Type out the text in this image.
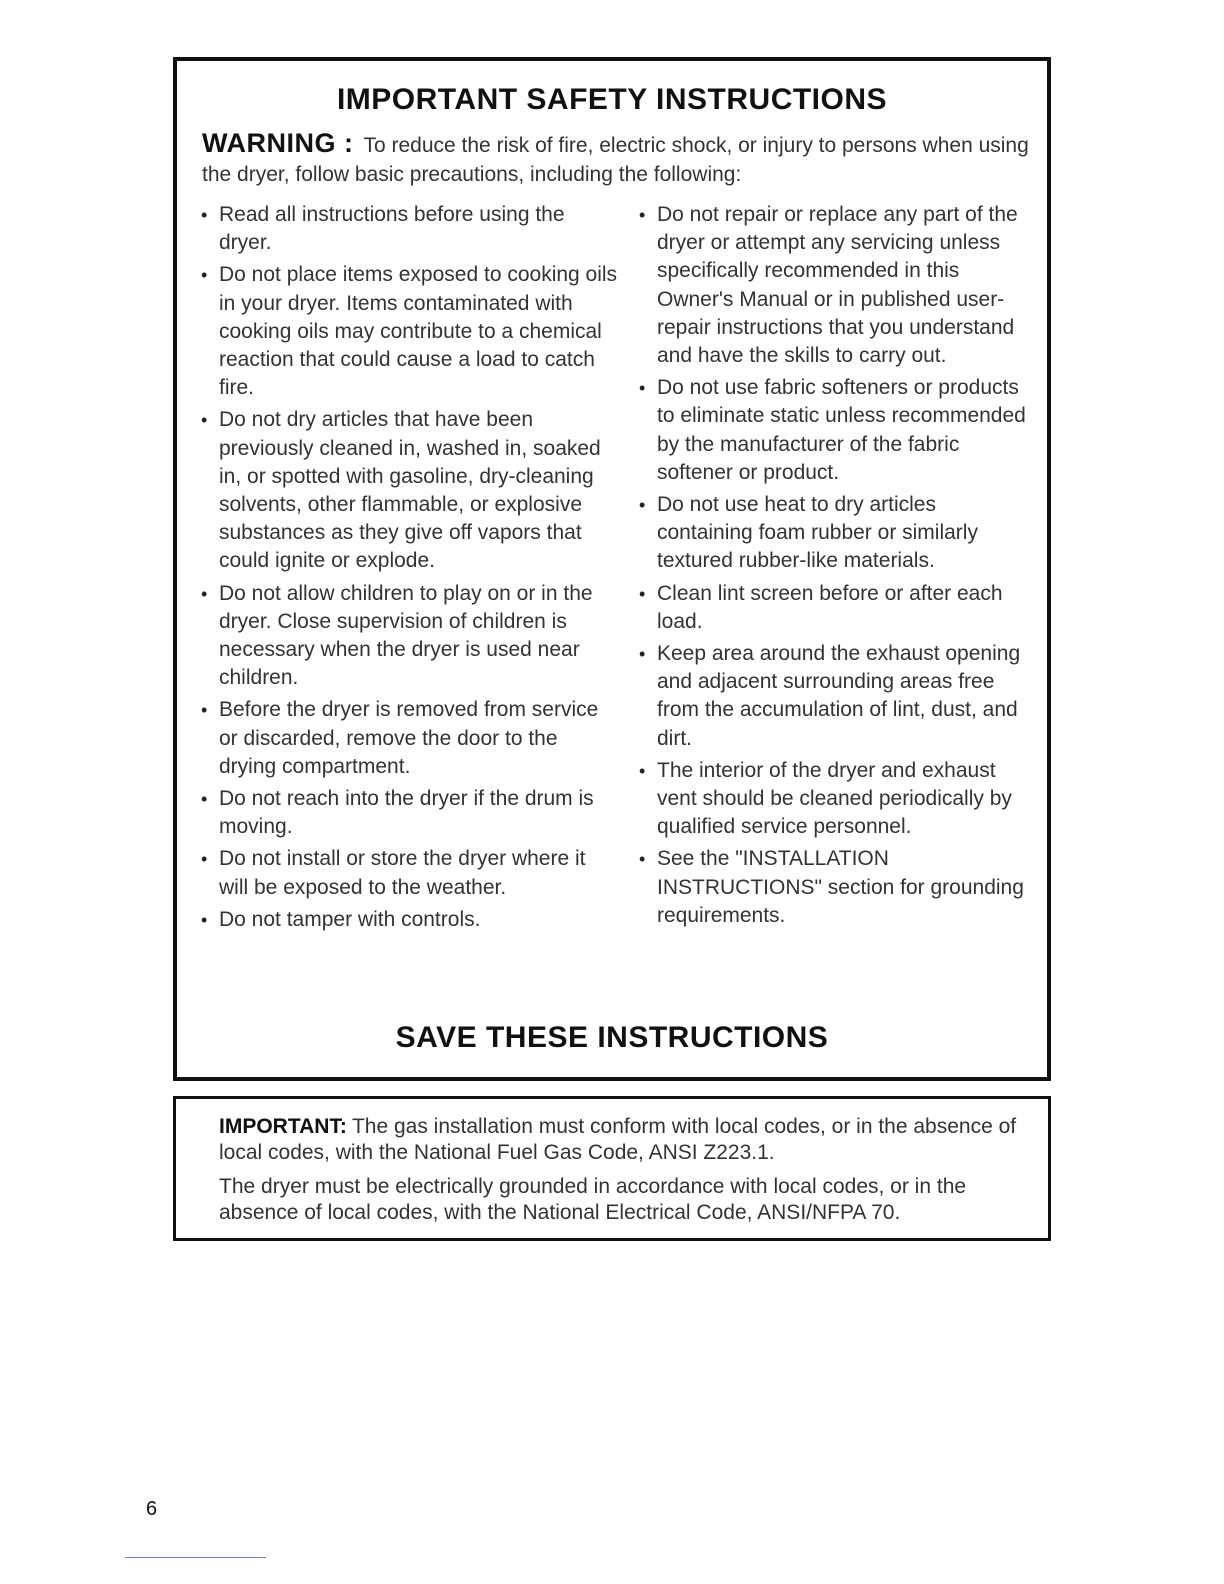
IMPORTANT SAFETY INSTRUCTIONS
WARNING : To reduce the risk of fire, electric shock, or injury to persons when using the dryer, follow basic precautions, including the following:
• Read all instructions before using the dryer.
• Do not place items exposed to cooking oils in your dryer. Items contaminated with cooking oils may contribute to a chemical reaction that could cause a load to catch fire.
• Do not dry articles that have been previously cleaned in, washed in, soaked in, or spotted with gasoline, dry-cleaning solvents, other flammable, or explosive substances as they give off vapors that could ignite or explode.
• Do not allow children to play on or in the dryer. Close supervision of children is necessary when the dryer is used near children.
• Before the dryer is removed from service or discarded, remove the door to the drying compartment.
• Do not reach into the dryer if the drum is moving.
• Do not install or store the dryer where it will be exposed to the weather.
• Do not tamper with controls.
• Do not repair or replace any part of the dryer or attempt any servicing unless specifically recommended in this Owner's Manual or in published user-repair instructions that you understand and have the skills to carry out.
• Do not use fabric softeners or products to eliminate static unless recommended by the manufacturer of the fabric softener or product.
• Do not use heat to dry articles containing foam rubber or similarly textured rubber-like materials.
• Clean lint screen before or after each load.
• Keep area around the exhaust opening and adjacent surrounding areas free from the accumulation of lint, dust, and dirt.
• The interior of the dryer and exhaust vent should be cleaned periodically by qualified service personnel.
• See the "INSTALLATION INSTRUCTIONS" section for grounding requirements.
SAVE THESE INSTRUCTIONS

IMPORTANT: The gas installation must conform with local codes, or in the absence of local codes, with the National Fuel Gas Code, ANSI Z223.1.

The dryer must be electrically grounded in accordance with local codes, or in the absence of local codes, with the National Electrical Code, ANSI/NFPA 70.

6
